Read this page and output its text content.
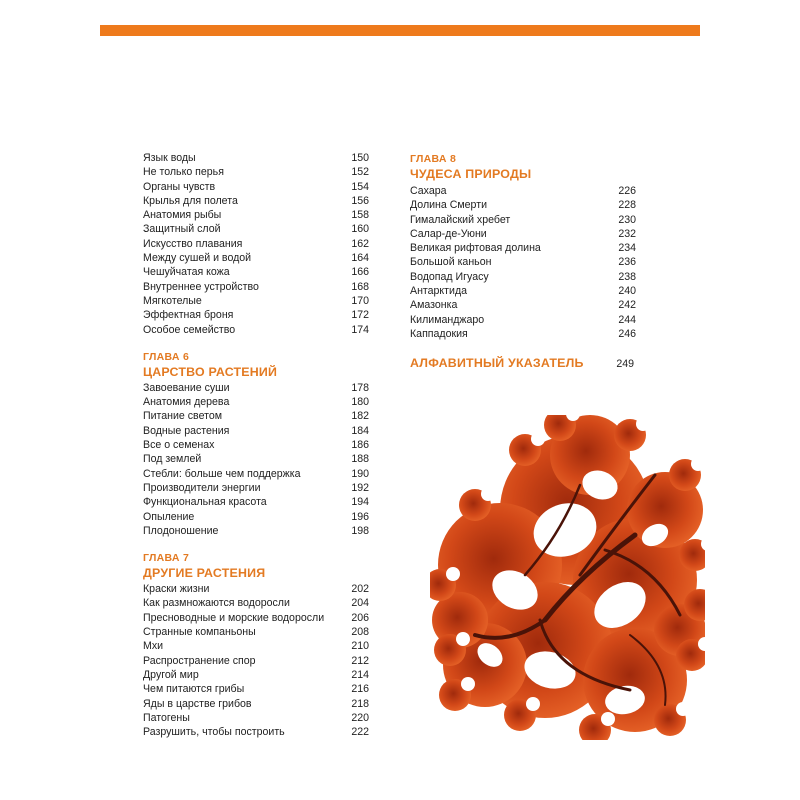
Язык воды	150
Не только перья	152
Органы чувств	154
Крылья для полета	156
Анатомия рыбы	158
Защитный слой	160
Искусство плавания	162
Между сушей и водой	164
Чешуйчатая кожа	166
Внутреннее устройство	168
Мягкотелые	170
Эффектная броня	172
Особое семейство	174
ГЛАВА 6
ЦАРСТВО РАСТЕНИЙ
Завоевание суши	178
Анатомия дерева	180
Питание светом	182
Водные растения	184
Все о семенах	186
Под землей	188
Стебли: больше чем поддержка	190
Производители энергии	192
Функциональная красота	194
Опыление	196
Плодоношение	198
ГЛАВА 7
ДРУГИЕ РАСТЕНИЯ
Краски жизни	202
Как размножаются водоросли	204
Пресноводные и морские водоросли	206
Странные компаньоны	208
Мхи	210
Распространение спор	212
Другой мир	214
Чем питаются грибы	216
Яды в царстве грибов	218
Патогены	220
Разрушить, чтобы построить	222
ГЛАВА 8
ЧУДЕСА ПРИРОДЫ
Сахара	226
Долина Смерти	228
Гималайский хребет	230
Салар-де-Уюни	232
Великая рифтовая долина	234
Большой каньон	236
Водопад Игуасу	238
Антарктида	240
Амазонка	242
Килиманджаро	244
Каппадокия	246
АЛФАВИТНЫЙ УКАЗАТЕЛЬ	249
